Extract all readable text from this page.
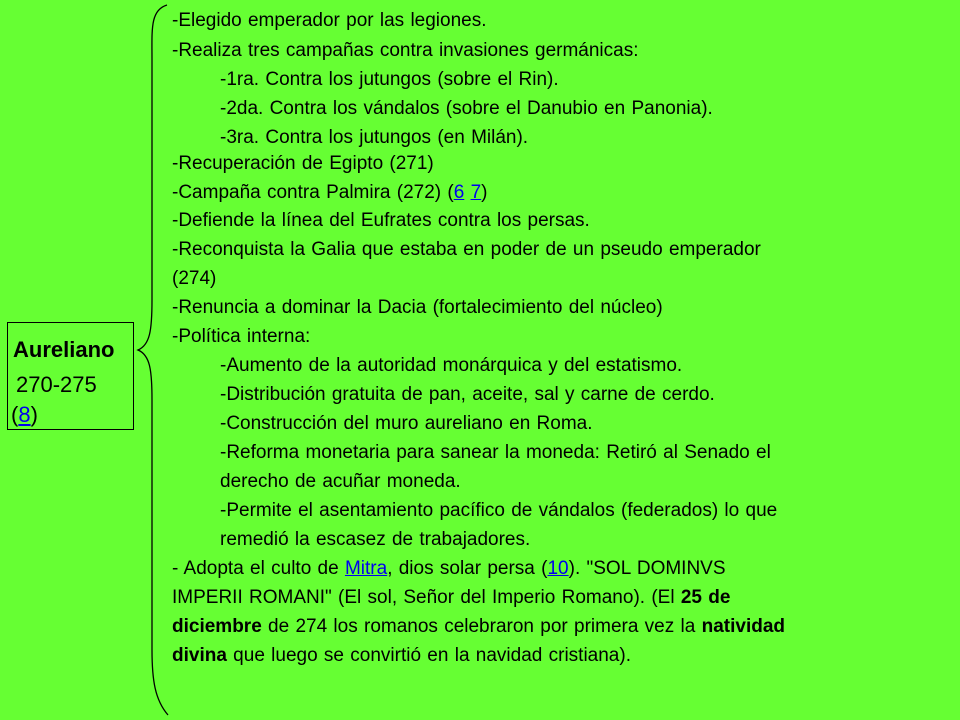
Aureliano
270-275
(8)
-Elegido emperador por las legiones.
-Realiza tres campañas contra invasiones germánicas:
-1ra. Contra los jutungos (sobre el Rin).
-2da. Contra los vándalos (sobre el Danubio en Panonia).
-3ra. Contra los jutungos (en Milán).
-Recuperación de Egipto (271)
-Campaña contra Palmira (272) (6 7)
-Defiende la línea del Eufrates contra los persas.
-Reconquista la Galia que estaba en poder de un pseudo emperador
(274)
-Renuncia a dominar la Dacia (fortalecimiento del núcleo)
-Política interna:
-Aumento de la autoridad monárquica y del estatismo.
-Distribución gratuita de pan, aceite, sal y carne de cerdo.
-Construcción del muro aureliano en Roma.
-Reforma monetaria para sanear la moneda: Retiró al Senado el
derecho de acuñar moneda.
-Permite el asentamiento pacífico de vándalos (federados) lo que
remedió la escasez de trabajadores.
- Adopta el culto de Mitra, dios solar persa (10). "SOL DOMINVS
IMPERII ROMANI" (El sol, Señor del Imperio Romano). (El 25 de
diciembre de 274 los romanos celebraron por primera vez la natividad
divina que luego se convirtió en la navidad cristiana).
